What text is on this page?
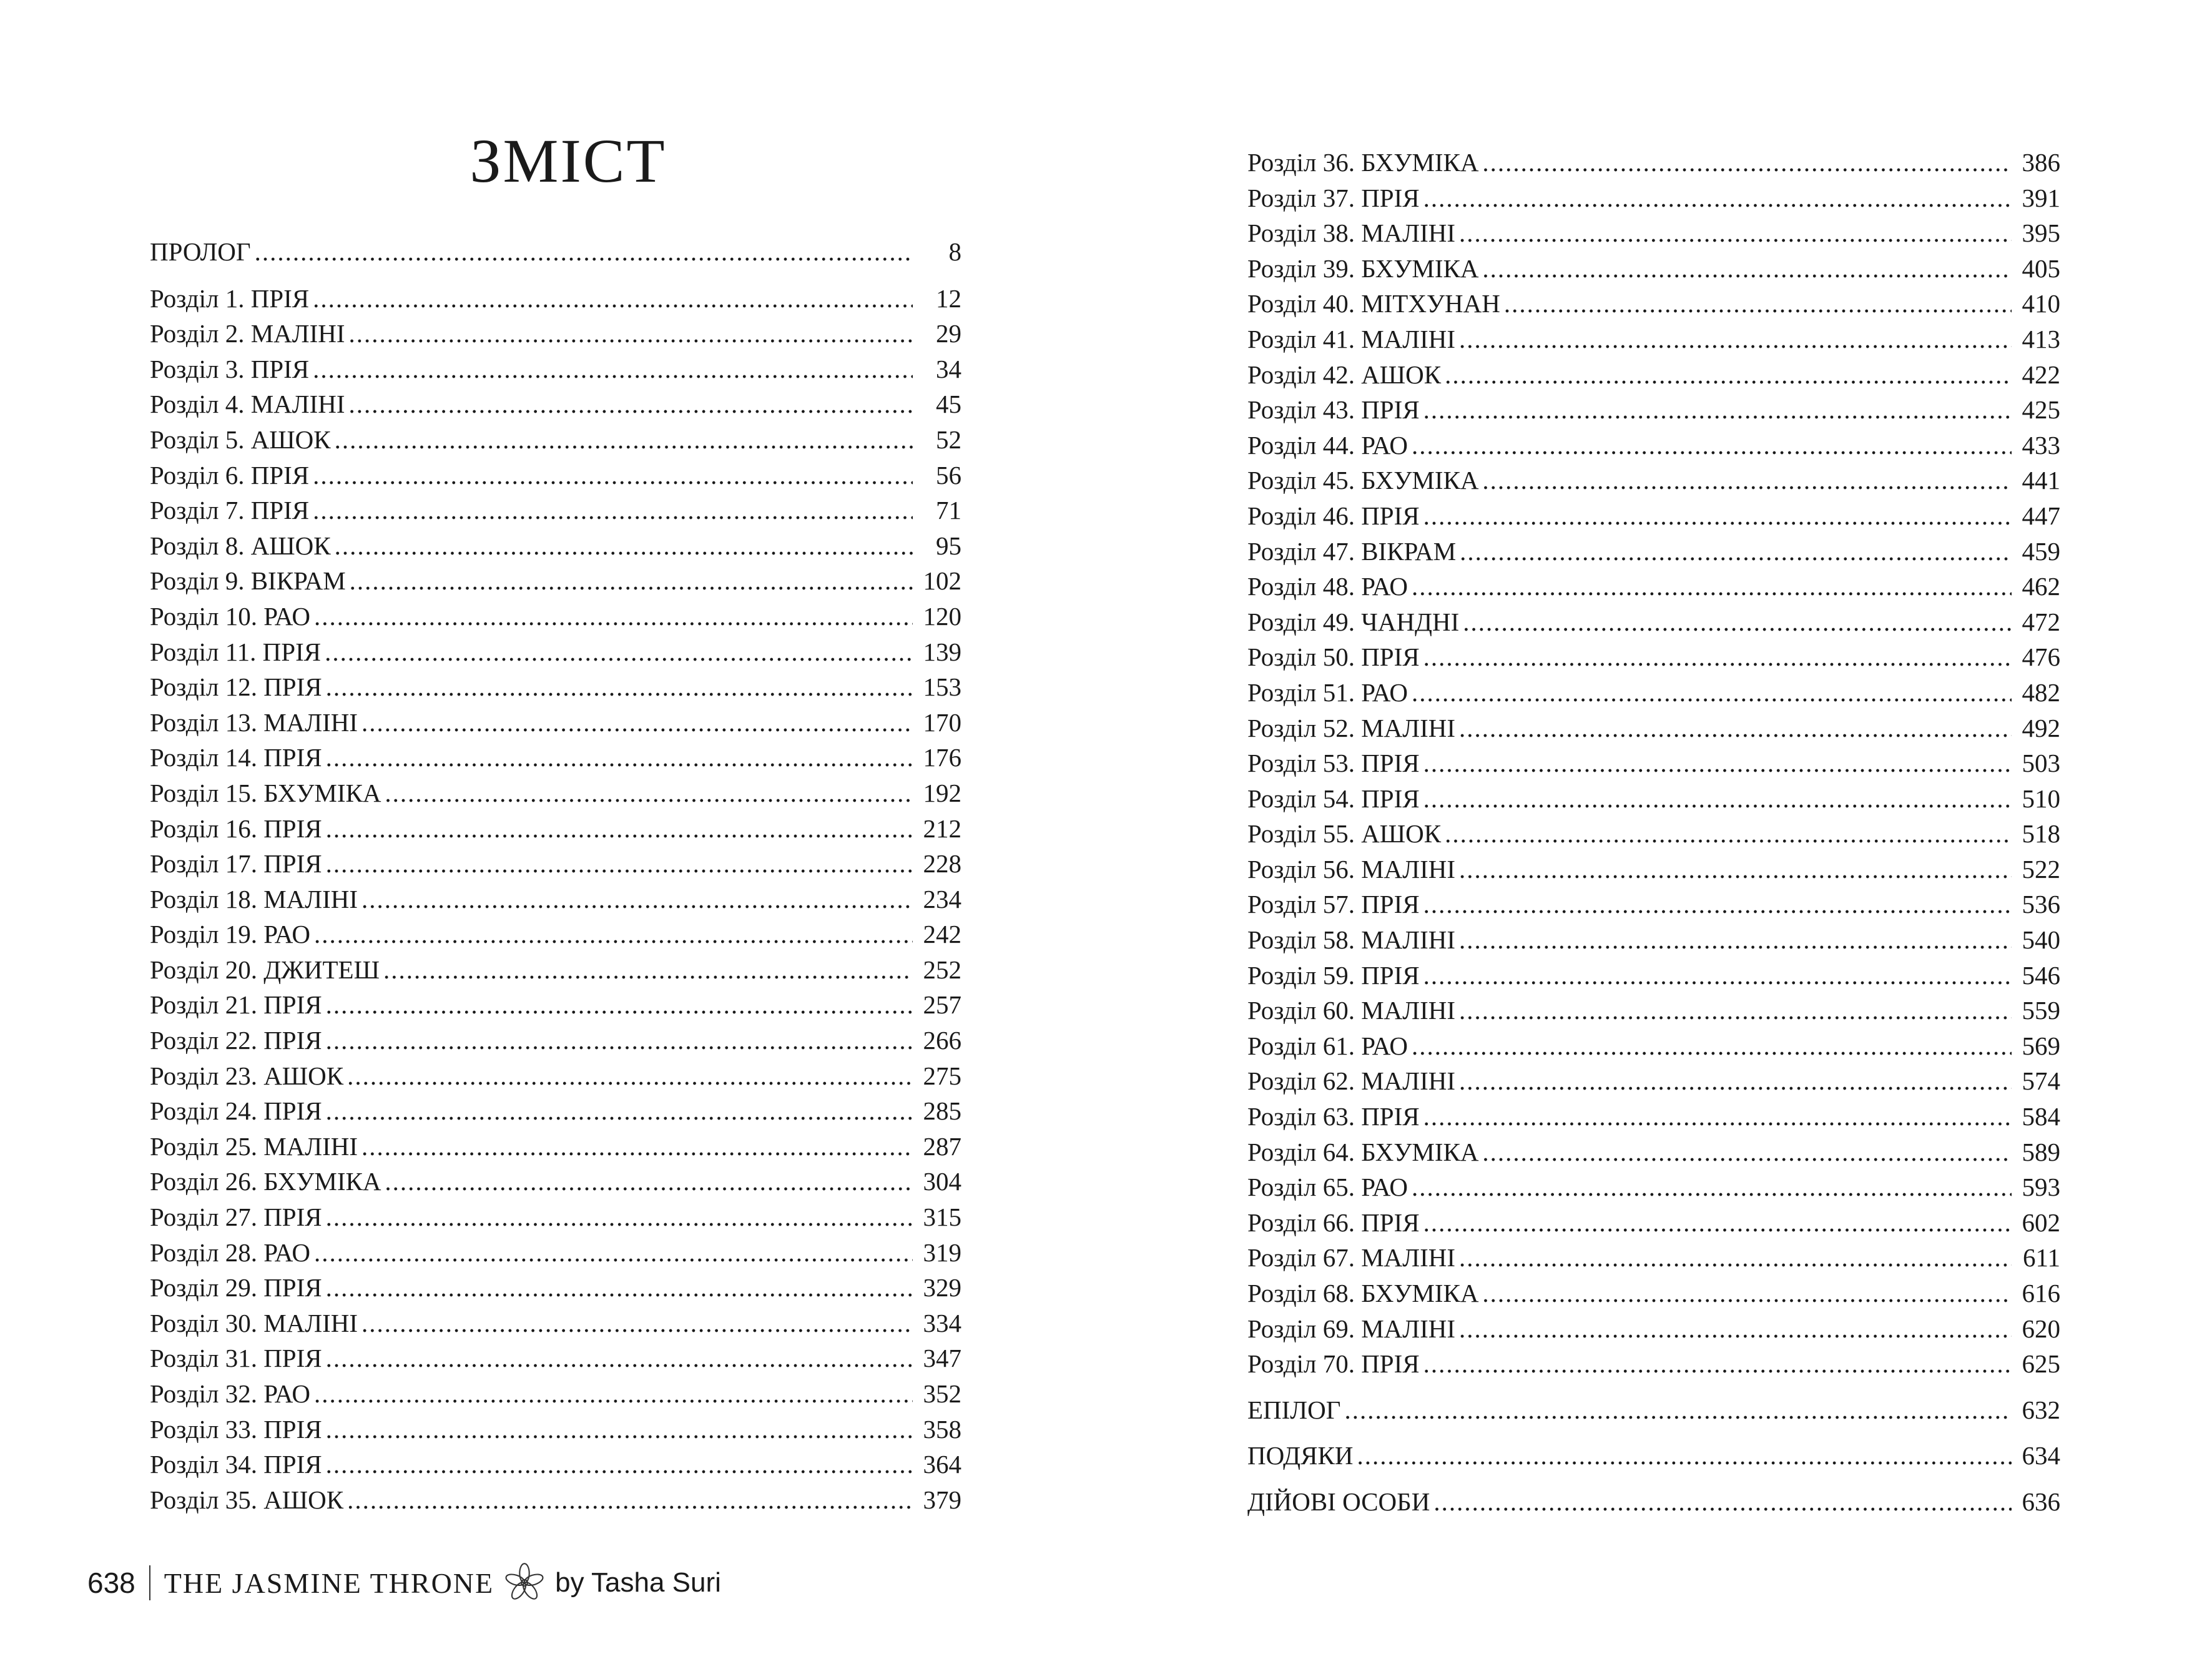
ЗМІСТ
ПРОЛОГ .....	8
Розділ 1. ПРІЯ .....	12
Розділ 2. МАЛІНІ .....	29
Розділ 3. ПРІЯ .....	34
Розділ 4. МАЛІНІ .....	45
Розділ 5. АШОК .....	52
Розділ 6. ПРІЯ .....	56
Розділ 7. ПРІЯ .....	71
Розділ 8. АШОК .....	95
Розділ 9. ВІКРАМ .....	102
Розділ 10. РАО .....	120
Розділ 11. ПРІЯ .....	139
Розділ 12. ПРІЯ .....	153
Розділ 13. МАЛІНІ .....	170
Розділ 14. ПРІЯ .....	176
Розділ 15. БХУМІКА .....	192
Розділ 16. ПРІЯ .....	212
Розділ 17. ПРІЯ .....	228
Розділ 18. МАЛІНІ .....	234
Розділ 19. РАО .....	242
Розділ 20. ДЖИТЕШ .....	252
Розділ 21. ПРІЯ .....	257
Розділ 22. ПРІЯ .....	266
Розділ 23. АШОК .....	275
Розділ 24. ПРІЯ .....	285
Розділ 25. МАЛІНІ .....	287
Розділ 26. БХУМІКА .....	304
Розділ 27. ПРІЯ .....	315
Розділ 28. РАО .....	319
Розділ 29. ПРІЯ .....	329
Розділ 30. МАЛІНІ .....	334
Розділ 31. ПРІЯ .....	347
Розділ 32. РАО .....	352
Розділ 33. ПРІЯ .....	358
Розділ 34. ПРІЯ .....	364
Розділ 35. АШОК .....	379
Розділ 36. БХУМІКА .....	386
Розділ 37. ПРІЯ .....	391
Розділ 38. МАЛІНІ .....	395
Розділ 39. БХУМІКА .....	405
Розділ 40. МІТХУНАН .....	410
Розділ 41. МАЛІНІ .....	413
Розділ 42. АШОК .....	422
Розділ 43. ПРІЯ .....	425
Розділ 44. РАО .....	433
Розділ 45. БХУМІКА .....	441
Розділ 46. ПРІЯ .....	447
Розділ 47. ВІКРАМ .....	459
Розділ 48. РАО .....	462
Розділ 49. ЧАНДНІ .....	472
Розділ 50. ПРІЯ .....	476
Розділ 51. РАО .....	482
Розділ 52. МАЛІНІ .....	492
Розділ 53. ПРІЯ .....	503
Розділ 54. ПРІЯ .....	510
Розділ 55. АШОК .....	518
Розділ 56. МАЛІНІ .....	522
Розділ 57. ПРІЯ .....	536
Розділ 58. МАЛІНІ .....	540
Розділ 59. ПРІЯ .....	546
Розділ 60. МАЛІНІ .....	559
Розділ 61. РАО .....	569
Розділ 62. МАЛІНІ .....	574
Розділ 63. ПРІЯ .....	584
Розділ 64. БХУМІКА .....	589
Розділ 65. РАО .....	593
Розділ 66. ПРІЯ .....	602
Розділ 67. МАЛІНІ .....	611
Розділ 68. БХУМІКА .....	616
Розділ 69. МАЛІНІ .....	620
Розділ 70. ПРІЯ .....	625
ЕПІЛОГ .....	632
ПОДЯКИ .....	634
ДІЙОВІ ОСОБИ .....	636
638 THE JASMINE THRONE by Tasha Suri
